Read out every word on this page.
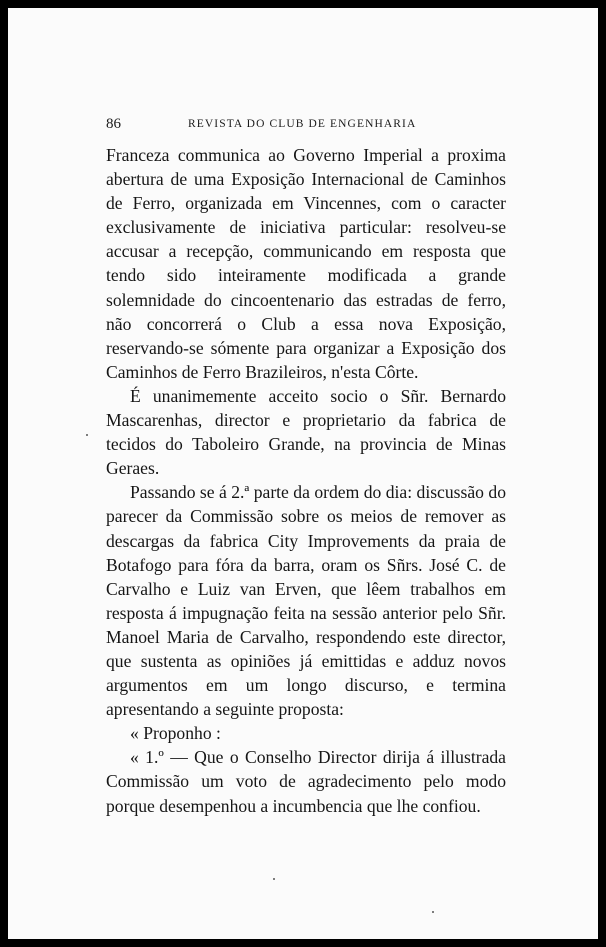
86	REVISTA DO CLUB DE ENGENHARIA

Franceza communica ao Governo Imperial a proxima abertura de uma Exposição Internacional de Caminhos de Ferro, organizada em Vincennes, com o caracter exclusivamente de iniciativa particular: resolveu-se accusar a recepção, communicando em resposta que tendo sido inteiramente modificada a grande solemnidade do cincoentenario das estradas de ferro, não concorrerá o Club a essa nova Exposição, reservando-se sómente para organizar a Exposição dos Caminhos de Ferro Brazileiros, n'esta Côrte.

É unanimemente acceito socio o Sñr. Bernardo Mascarenhas, director e proprietario da fabrica de tecidos do Taboleiro Grande, na provincia de Minas Geraes.

Passando se á 2.ª parte da ordem do dia: discussão do parecer da Commissão sobre os meios de remover as descargas da fabrica City Improvements da praia de Botafogo para fóra da barra, oram os Sñrs. José C. de Carvalho e Luiz van Erven, que lêem trabalhos em resposta á impugnação feita na sessão anterior pelo Sñr. Manoel Maria de Carvalho, respondendo este director, que sustenta as opiniões já emittidas e adduz novos argumentos em um longo discurso, e termina apresentando a seguinte proposta:

« Proponho :

« 1.º — Que o Conselho Director dirija á illustrada Commissão um voto de agradecimento pelo modo porque desempenhou a incumbencia que lhe confiou.
